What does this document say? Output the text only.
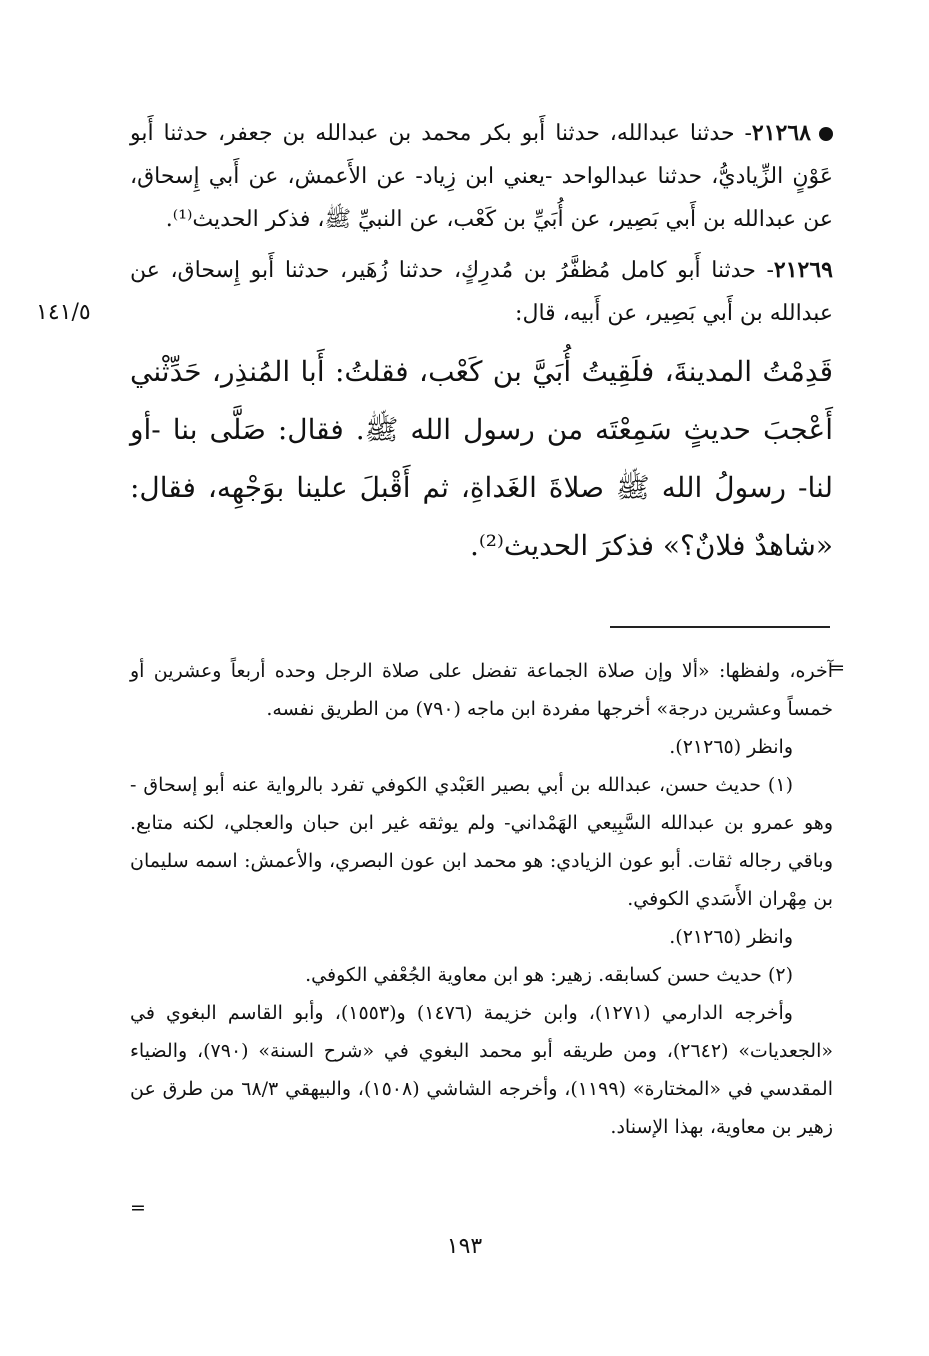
١٤١/٥

٢١٢٦٨- حدثنا عبدالله، حدثنا أَبو بكر محمد بن عبدالله بن جعفر، حدثنا أَبو عَوْنٍ الزِّياديُّ، حدثنا عبدالواحد -يعني ابن زِياد- عن الأَعمش، عن أَبي إِسحاق، عن عبدالله بن أَبي بَصِير، عن أُبَيِّ بن كَعْب، عن النبيِّ ﷺ، فذكر الحديث⁽¹⁾.

٢١٢٦٩- حدثنا أَبو كامل مُظفَّرُ بن مُدرِكٍ، حدثنا زُهَير، حدثنا أَبو إِسحاق، عن عبدالله بن أَبي بَصِير، عن أَبيه، قال:

قَدِمْتُ المدينةَ، فلَقِيتُ أُبَيَّ بن كَعْب، فقلتُ: أَبا المُنذِر، حَدِّثْني أَعْجبَ حديثٍ سَمِعْتَه من رسول الله ﷺ. فقال: صَلَّى بنا -أو لنا- رسولُ الله ﷺ صلاةَ الغَداةِ، ثم أَقْبلَ علينا بوَجْهِه، فقال: «شاهدٌ فلانٌ؟» فذكرَ الحديث⁽²⁾.

=

آخره، ولفظها: «ألا وإن صلاة الجماعة تفضل على صلاة الرجل وحده أربعاً وعشرين أو خمساً وعشرين درجة» أخرجها مفردة ابن ماجه (٧٩٠) من الطريق نفسه.

وانظر (٢١٢٦٥).

(١) حديث حسن، عبدالله بن أبي بصير العَبْدي الكوفي تفرد بالرواية عنه أبو إسحاق - وهو عمرو بن عبدالله السَّبِيعي الهَمْداني- ولم يوثقه غير ابن حبان والعجلي، لكنه متابع. وباقي رجاله ثقات. أبو عون الزيادي: هو محمد ابن عون البصري، والأعمش: اسمه سليمان بن مِهْران الأَسَدي الكوفي.

وانظر (٢١٢٦٥).

(٢) حديث حسن كسابقه. زهير: هو ابن معاوية الجُعْفي الكوفي.

وأخرجه الدارمي (١٢٧١)، وابن خزيمة (١٤٧٦) و(١٥٥٣)، وأبو القاسم البغوي في «الجعديات» (٢٦٤٢)، ومن طريقه أبو محمد البغوي في «شرح السنة» (٧٩٠)، والضياء المقدسي في «المختارة» (١١٩٩)، وأخرجه الشاشي (١٥٠٨)، والبيهقي ٦٨/٣ من طرق عن زهير بن معاوية، بهذا الإسناد.

=
١٩٣
